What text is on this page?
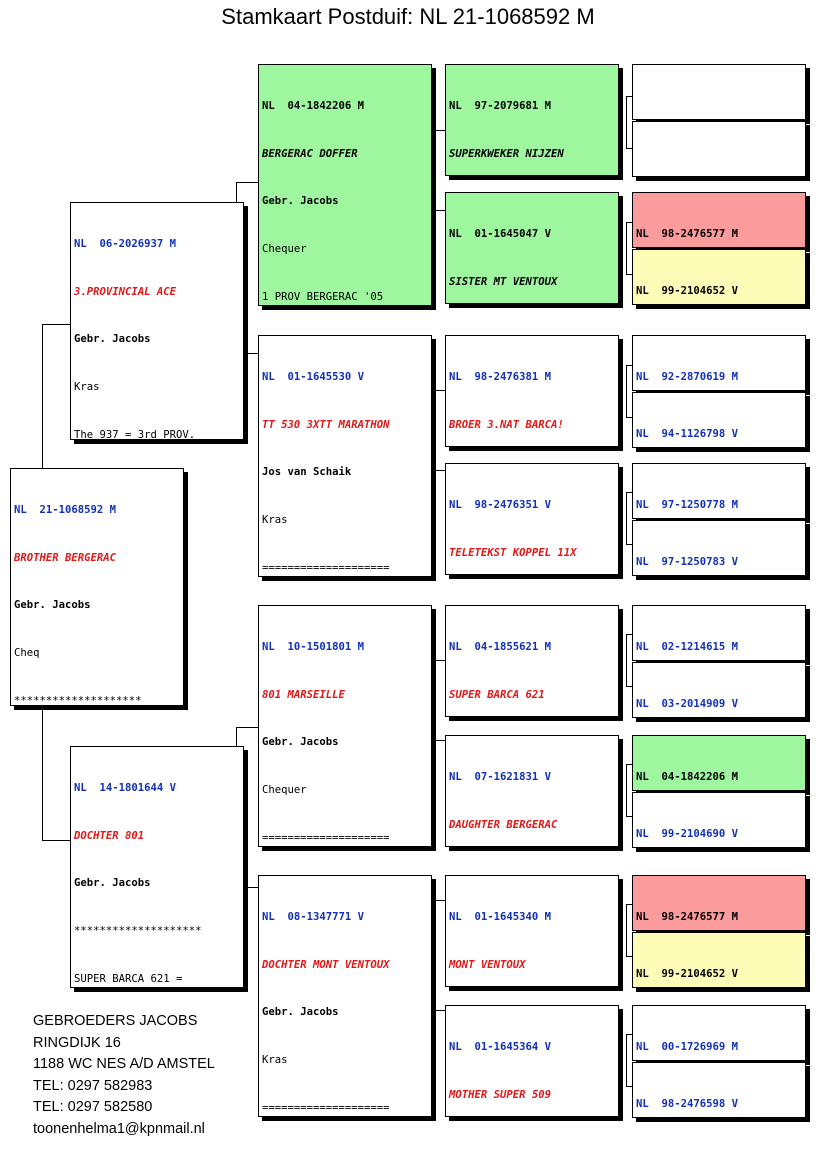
Stamkaart Postduif: NL 21-1068592 M

NL  21-1068592 M

BROTHER BERGERAC

Gebr. Jacobs

Cheq

********************

NL  06-2026937 M

3.PROVINCIAL ACE

Gebr. Jacobs

Kras

The 937 = 3rd PROV.

NL  14-1801644 V

DOCHTER 801

Gebr. Jacobs

********************

SUPER BARCA 621 =

NL  04-1842206 M

BERGERAC DOFFER

Gebr. Jacobs

Chequer

1 PROV BERGERAC '05

NL  01-1645530 V

TT 530 3XTT MARATHON

Jos van Schaik

Kras

====================

NL  10-1501801 M

801 MARSEILLE

Gebr. Jacobs

Chequer

====================

NL  08-1347771 V

DOCHTER MONT VENTOUX

Gebr. Jacobs

Kras

====================

NL  97-2079681 M

SUPERKWEKER NIJZEN

NL  01-1645047 V

SISTER MT VENTOUX

NL  98-2476381 M

BROER 3.NAT BARCA!

NL  98-2476351 V

TELETEKST KOPPEL 11X

NL  04-1855621 M

SUPER BARCA 621

NL  07-1621831 V

DAUGHTER BERGERAC

NL  01-1645340 M

MONT VENTOUX

NL  01-1645364 V

MOTHER SUPER 509

NL  98-2476577 M

NL  99-2104652 V

NL  92-2870619 M

NL  94-1126798 V

NL  97-1250778 M

NL  97-1250783 V

NL  02-1214615 M

NL  03-2014909 V

NL  04-1842206 M

NL  99-2104690 V

NL  98-2476577 M

NL  99-2104652 V

NL  00-1726969 M

NL  98-2476598 V

GEBROEDERS JACOBS
RINGDIJK 16
1188 WC NES A/D AMSTEL
TEL: 0297 582983
TEL: 0297 582580
toonenhelma1@kpnmail.nl
